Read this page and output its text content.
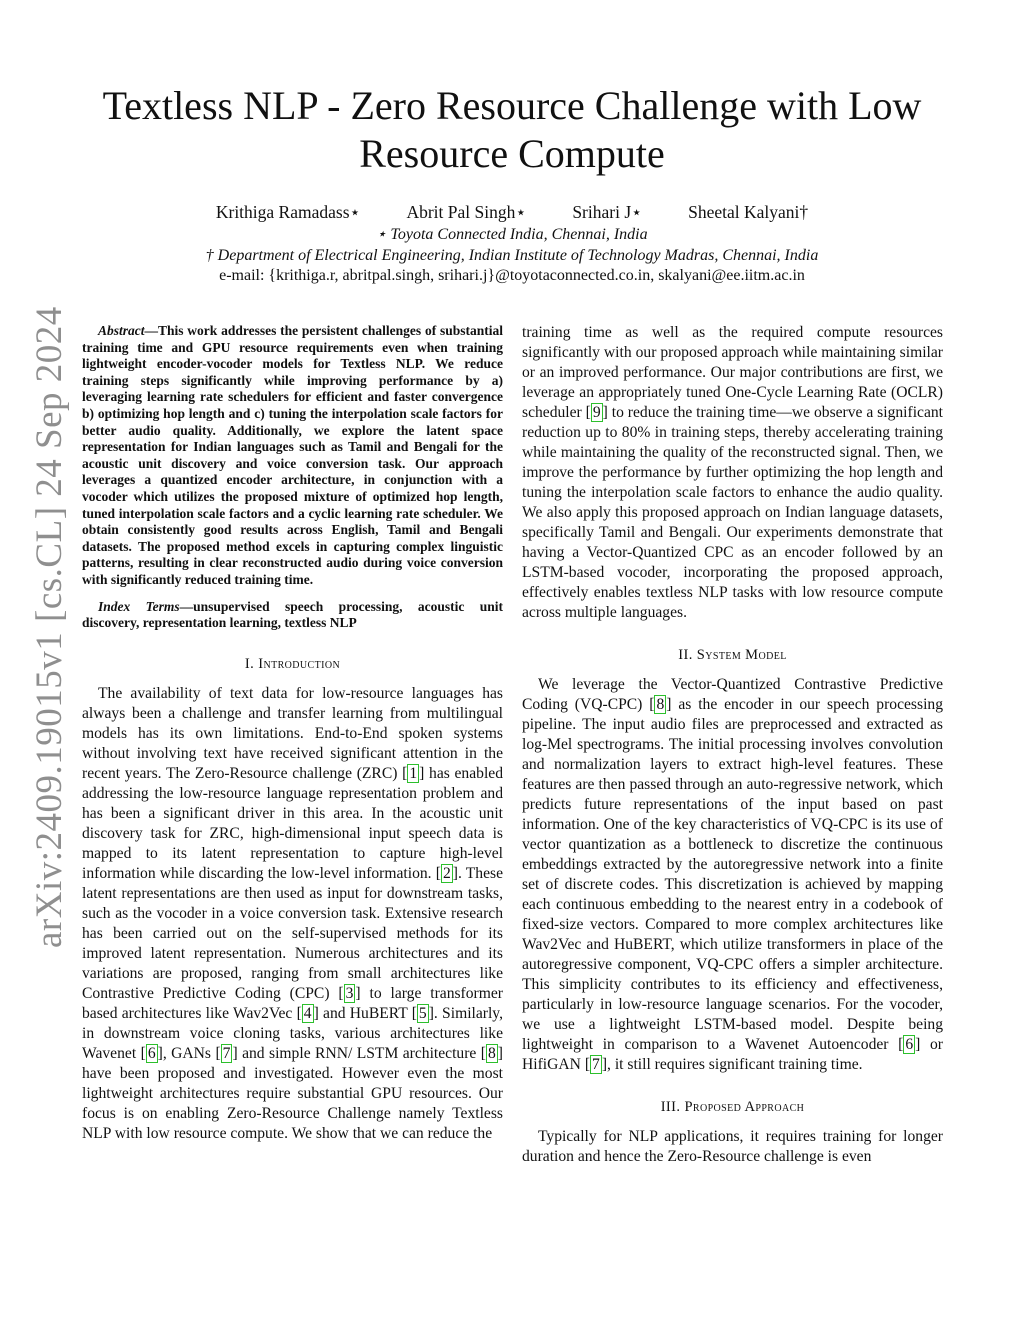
arXiv:2409.19015v1 [cs.CL] 24 Sep 2024
Textless NLP - Zero Resource Challenge with Low Resource Compute
Krithiga Ramadass⋆	Abrit Pal Singh⋆	Srihari J⋆	Sheetal Kalyani†
⋆ Toyota Connected India, Chennai, India
† Department of Electrical Engineering, Indian Institute of Technology Madras, Chennai, India
e-mail: {krithiga.r, abritpal.singh, srihari.j}@toyotaconnected.co.in, skalyani@ee.iitm.ac.in

Abstract—This work addresses the persistent challenges of substantial training time and GPU resource requirements even when training lightweight encoder-vocoder models for Textless NLP. We reduce training steps significantly while improving performance by a) leveraging learning rate schedulers for efficient and faster convergence b) optimizing hop length and c) tuning the interpolation scale factors for better audio quality. Additionally, we explore the latent space representation for Indian languages such as Tamil and Bengali for the acoustic unit discovery and voice conversion task. Our approach leverages a quantized encoder architecture, in conjunction with a vocoder which utilizes the proposed mixture of optimized hop length, tuned interpolation scale factors and a cyclic learning rate scheduler. We obtain consistently good results across English, Tamil and Bengali datasets. The proposed method excels in capturing complex linguistic patterns, resulting in clear reconstructed audio during voice conversion with significantly reduced training time.

Index Terms—unsupervised speech processing, acoustic unit discovery, representation learning, textless NLP

I. Introduction

The availability of text data for low-resource languages has always been a challenge and transfer learning from multilingual models has its own limitations. End-to-End spoken systems without involving text have received significant attention in the recent years. The Zero-Resource challenge (ZRC) [ 1 ] has enabled addressing the low-resource language representation problem and has been a significant driver in this area. In the acoustic unit discovery task for ZRC, high-dimensional input speech data is mapped to its latent representation to capture high-level information while discarding the low-level information. [ 2 ]. These latent representations are then used as input for downstream tasks, such as the vocoder in a voice conversion task. Extensive research has been carried out on the self-supervised methods for its improved latent representation. Numerous architectures and its variations are proposed, ranging from small architectures like Contrastive Predictive Coding (CPC) [ 3 ] to large transformer based architectures like Wav2Vec [ 4 ] and HuBERT [ 5 ]. Similarly, in downstream voice cloning tasks, various architectures like Wavenet [ 6 ], GANs [ 7 ] and simple RNN/ LSTM architecture [ 8 ] have been proposed and investigated. However even the most lightweight architectures require substantial GPU resources. Our focus is on enabling Zero-Resource Challenge namely Textless NLP with low resource compute. We show that we can reduce the

training time as well as the required compute resources significantly with our proposed approach while maintaining similar or an improved performance. Our major contributions are first, we leverage an appropriately tuned One-Cycle Learning Rate (OCLR) scheduler [ 9 ] to reduce the training time—we observe a significant reduction up to 80% in training steps, thereby accelerating training while maintaining the quality of the reconstructed signal. Then, we improve the performance by further optimizing the hop length and tuning the interpolation scale factors to enhance the audio quality. We also apply this proposed approach on Indian language datasets, specifically Tamil and Bengali. Our experiments demonstrate that having a Vector-Quantized CPC as an encoder followed by an LSTM-based vocoder, incorporating the proposed approach, effectively enables textless NLP tasks with low resource compute across multiple languages.

II. System Model

We leverage the Vector-Quantized Contrastive Predictive Coding (VQ-CPC) [ 8 ] as the encoder in our speech processing pipeline. The input audio files are preprocessed and extracted as log-Mel spectrograms. The initial processing involves convolution and normalization layers to extract high-level features. These features are then passed through an auto-regressive network, which predicts future representations of the input based on past information. One of the key characteristics of VQ-CPC is its use of vector quantization as a bottleneck to discretize the continuous embeddings extracted by the autoregressive network into a finite set of discrete codes. This discretization is achieved by mapping each continuous embedding to the nearest entry in a codebook of fixed-size vectors. Compared to more complex architectures like Wav2Vec and HuBERT, which utilize transformers in place of the autoregressive component, VQ-CPC offers a simpler architecture. This simplicity contributes to its efficiency and effectiveness, particularly in low-resource language scenarios. For the vocoder, we use a lightweight LSTM-based model. Despite being lightweight in comparison to a Wavenet Autoencoder [ 6 ] or HifiGAN [ 7 ], it still requires significant training time.

III. Proposed Approach

Typically for NLP applications, it requires training for longer duration and hence the Zero-Resource challenge is even
